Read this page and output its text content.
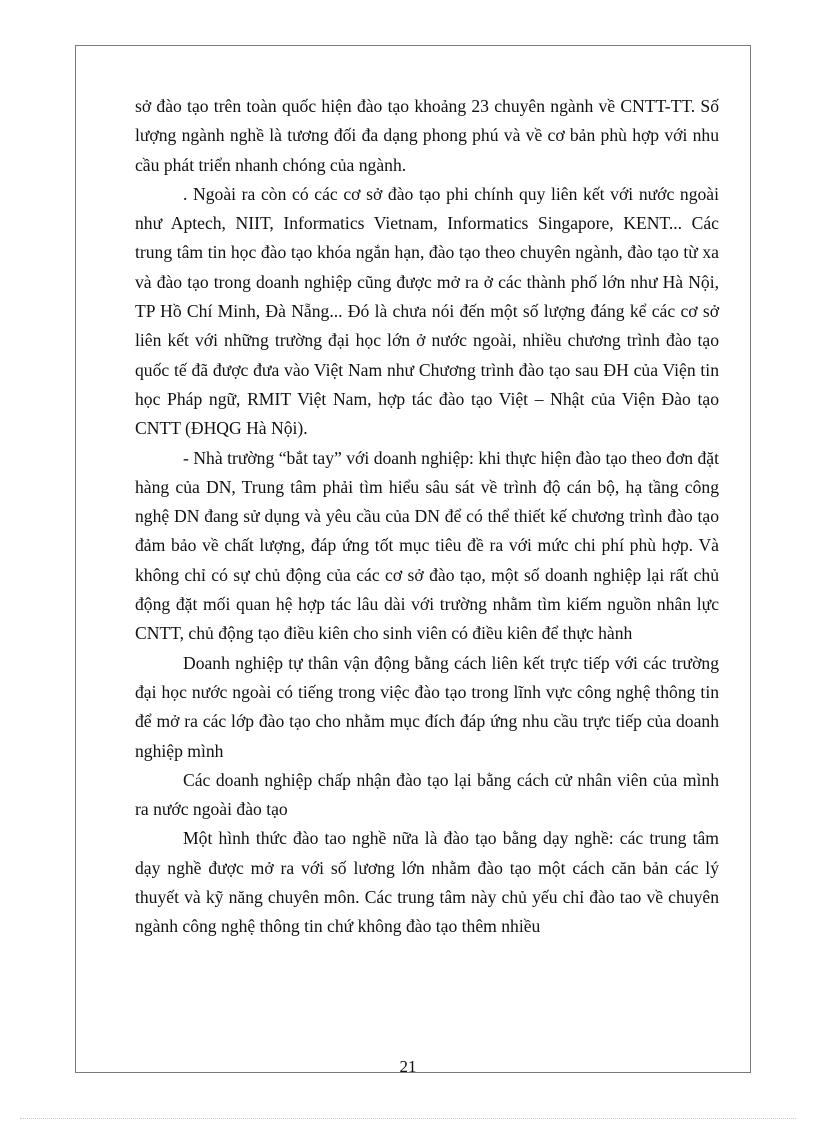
sở đào tạo trên toàn quốc hiện đào tạo khoảng 23 chuyên ngành về CNTT-TT. Số lượng ngành nghề là tương đối đa dạng phong phú và về cơ bản phù hợp với nhu cầu phát triển nhanh chóng của ngành.

. Ngoài ra còn có các cơ sở đào tạo phi chính quy liên kết với nước ngoài như Aptech, NIIT, Informatics Vietnam, Informatics Singapore, KENT... Các trung tâm tin học đào tạo khóa ngắn hạn, đào tạo theo chuyên ngành, đào tạo từ xa và đào tạo trong doanh nghiệp cũng được mở ra ở các thành phố lớn như Hà Nội, TP Hồ Chí Minh, Đà Nẵng... Đó là chưa nói đến một số lượng đáng kể các cơ sở liên kết với những trường đại học lớn ở nước ngoài, nhiều chương trình đào tạo quốc tế đã được đưa vào Việt Nam như Chương trình đào tạo sau ĐH của Viện tin học Pháp ngữ, RMIT Việt Nam, hợp tác đào tạo Việt – Nhật của Viện Đào tạo CNTT (ĐHQG Hà Nội).

- Nhà trường “bắt tay” với doanh nghiệp: khi thực hiện đào tạo theo đơn đặt hàng của DN, Trung tâm phải tìm hiểu sâu sát về trình độ cán bộ, hạ tầng công nghệ DN đang sử dụng và yêu cầu của DN để có thể thiết kế chương trình đào tạo đảm bảo về chất lượng, đáp ứng tốt mục tiêu đề ra với mức chi phí phù hợp. Và không chỉ có sự chủ động của các cơ sở đào tạo, một số doanh nghiệp lại rất chủ động đặt mối quan hệ hợp tác lâu dài với trường nhằm tìm kiếm nguồn nhân lực CNTT, chủ động tạo điều kiên cho sinh viên có điều kiên để thực hành

Doanh nghiệp tự thân vận động bằng cách liên kết trực tiếp với các trường đại học nước ngoài có tiếng trong việc đào tạo trong lĩnh vực công nghệ thông tin để mở ra các lớp đào tạo cho nhằm mục đích đáp ứng nhu cầu trực tiếp của doanh nghiệp mình

Các doanh nghiệp chấp nhận đào tạo lại bằng cách cử nhân viên của mình ra nước ngoài đào tạo

Một hình thức đào tao nghề nữa là đào tạo bằng dạy nghề: các trung tâm dạy nghề được mở ra với số lương lớn nhằm đào tạo một cách căn bản các lý thuyết và kỹ năng chuyên môn. Các trung tâm này chủ yếu chỉ đào tao về chuyên ngành công nghệ thông tin chứ không đào tạo thêm nhiều

21
